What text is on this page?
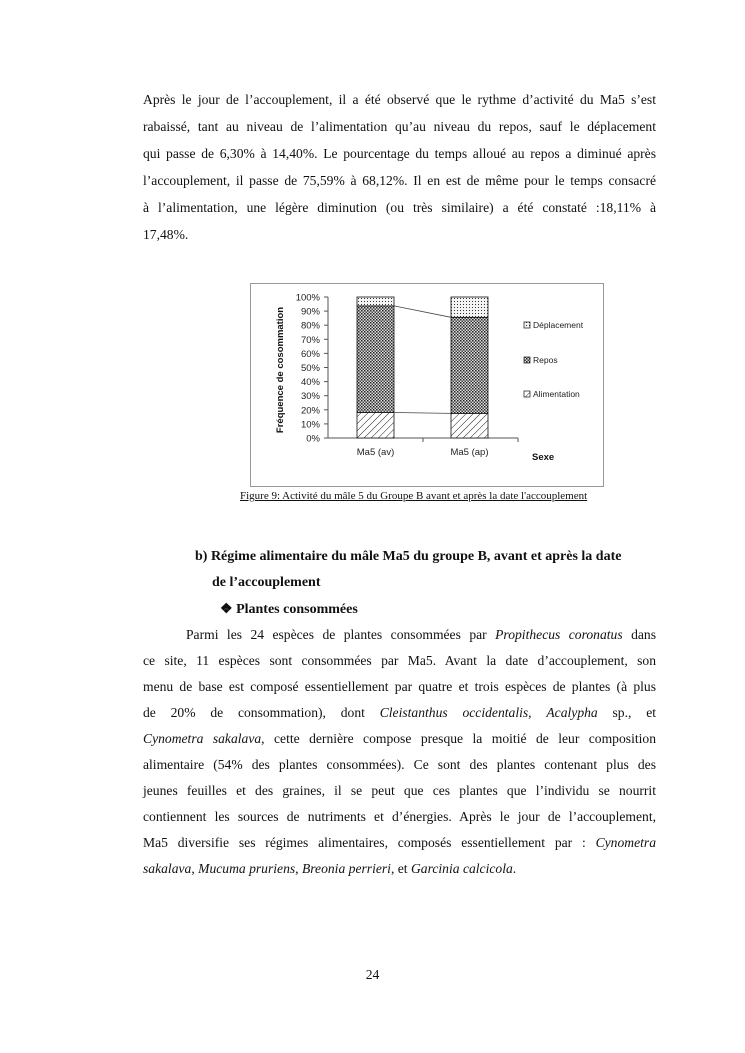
Après le jour de l’accouplement, il a été observé que le rythme d’activité du Ma5 s’est
rabaissé, tant au niveau de l’alimentation qu’au niveau du repos, sauf le déplacement
qui passe de 6,30% à 14,40%. Le pourcentage du temps alloué au repos a diminué après
l’accouplement, il passe de 75,59% à 68,12%. Il en est de même pour le temps consacré
à l’alimentation, une légère diminution (ou très similaire) a été constaté :18,11% à
17,48%.
0%
10%
20%
30%
40%
50%
60%
70%
80%
90%
100%
Ma5 (av)	Ma5 (ap)
Alimentation
Repos
Déplacement
Sexe
Fréquence de cosommation
Figure 9: Activité du mâle 5 du Groupe B avant et après la date l'accouplement
b) Régime alimentaire du mâle Ma5 du groupe B, avant et après la date
de l’accouplement
❖ Plantes consommées
Parmi les 24 espèces de plantes consommées par Propithecus coronatus dans
ce site, 11 espèces sont consommées par Ma5. Avant la date d’accouplement, son
menu de base est composé essentiellement par quatre et trois espèces de plantes (à plus
de 20% de consommation), dont Cleistanthus occidentalis, Acalypha sp., et
Cynometra sakalava, cette dernière compose presque la moitié de leur composition
alimentaire (54% des plantes consommées). Ce sont des plantes contenant plus des
jeunes feuilles et des graines, il se peut que ces plantes que l’individu se nourrit
contiennent les sources de nutriments et d’énergies. Après le jour de l’accouplement,
Ma5 diversifie ses régimes alimentaires, composés essentiellement par : Cynometra
sakalava, Mucuma pruriens, Breonia perrieri, et Garcinia calcicola.
24
